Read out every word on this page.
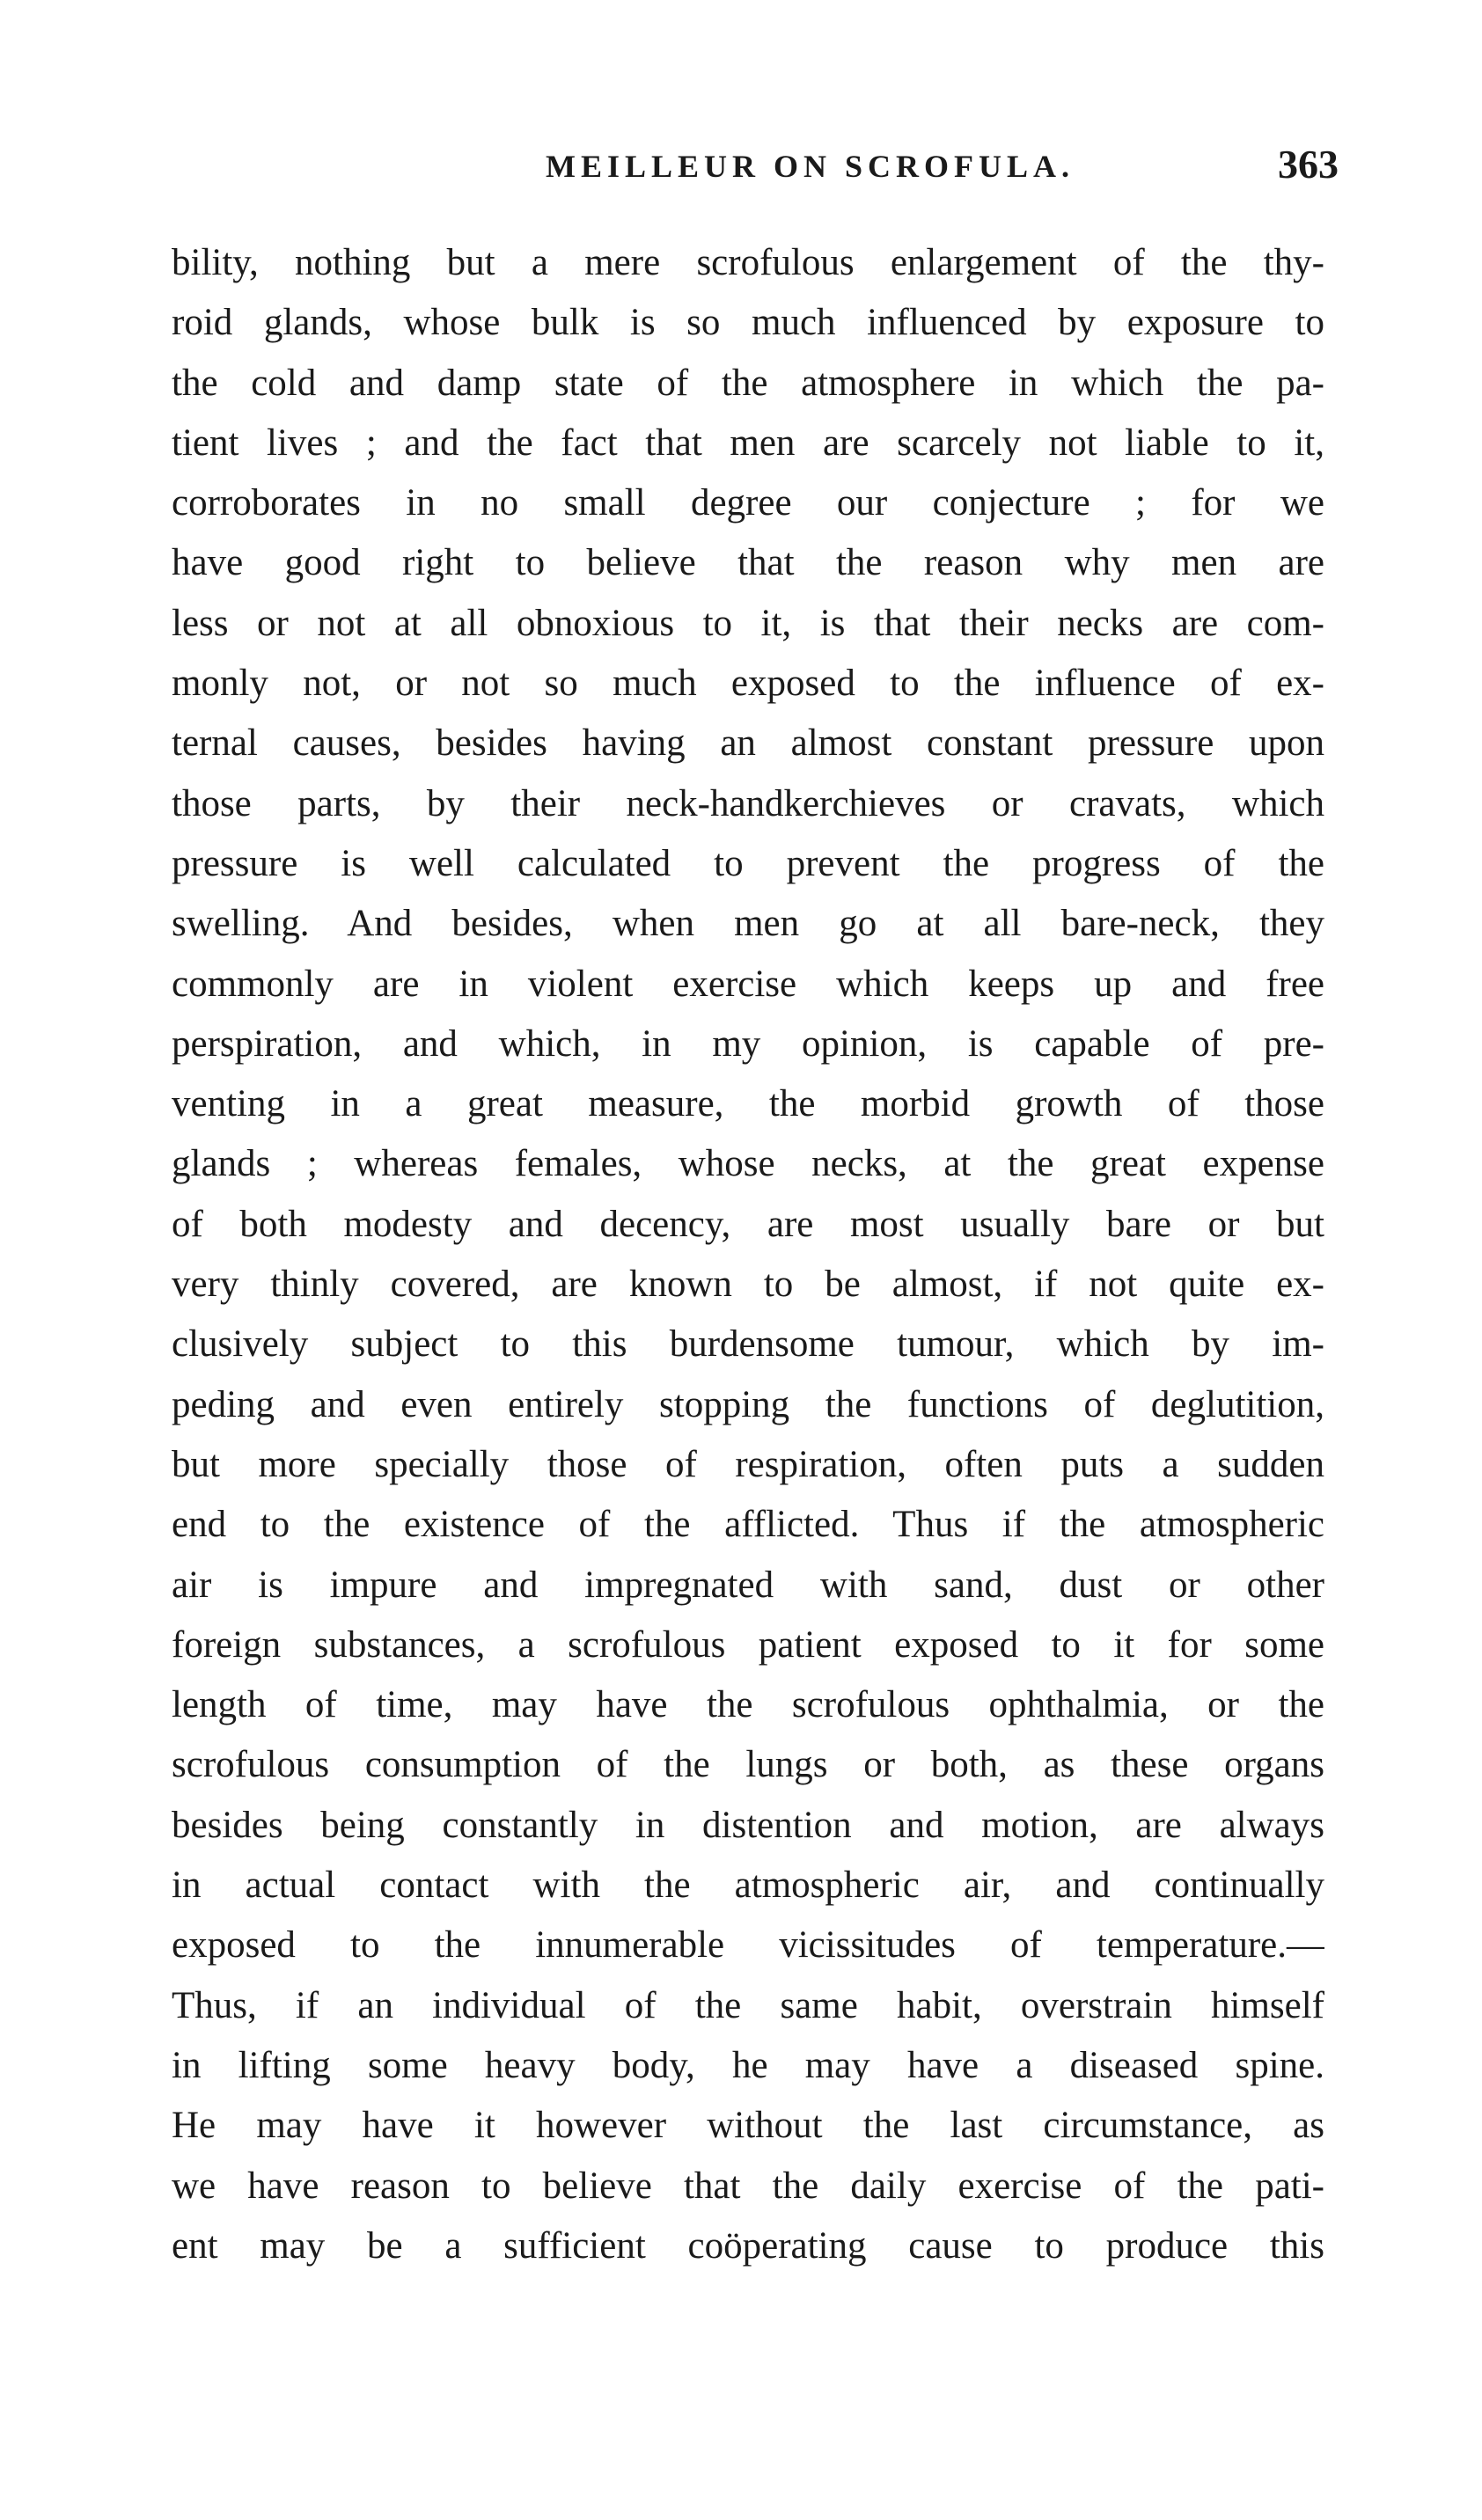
MEILLEUR ON SCROFULA.	363
bility, nothing but a mere scrofulous enlargement of the thy-
roid glands, whose bulk is so much influenced by exposure to
the cold and damp state of the atmosphere in which the pa-
tient lives ; and the fact that men are scarcely not liable to it,
corroborates in no small degree our conjecture ; for we
have good right to believe that the reason why men are
less or not at all obnoxious to it, is that their necks are com-
monly not, or not so much exposed to the influence of ex-
ternal causes, besides having an almost constant pressure upon
those parts, by their neck-handkerchieves or cravats, which
pressure is well calculated to prevent the progress of the
swelling. And besides, when men go at all bare-neck, they
commonly are in violent exercise which keeps up and free
perspiration, and which, in my opinion, is capable of pre-
venting in a great measure, the morbid growth of those
glands ; whereas females, whose necks, at the great expense
of both modesty and decency, are most usually bare or but
very thinly covered, are known to be almost, if not quite ex-
clusively subject to this burdensome tumour, which by im-
peding and even entirely stopping the functions of deglutition,
but more specially those of respiration, often puts a sudden
end to the existence of the afflicted. Thus if the atmospheric
air is impure and impregnated with sand, dust or other
foreign substances, a scrofulous patient exposed to it for some
length of time, may have the scrofulous ophthalmia, or the
scrofulous consumption of the lungs or both, as these organs
besides being constantly in distention and motion, are always
in actual contact with the atmospheric air, and continually
exposed to the innumerable vicissitudes of temperature.—
Thus, if an individual of the same habit, overstrain himself
in lifting some heavy body, he may have a diseased spine.
He may have it however without the last circumstance, as
we have reason to believe that the daily exercise of the pati-
ent may be a sufficient coöperating cause to produce this
